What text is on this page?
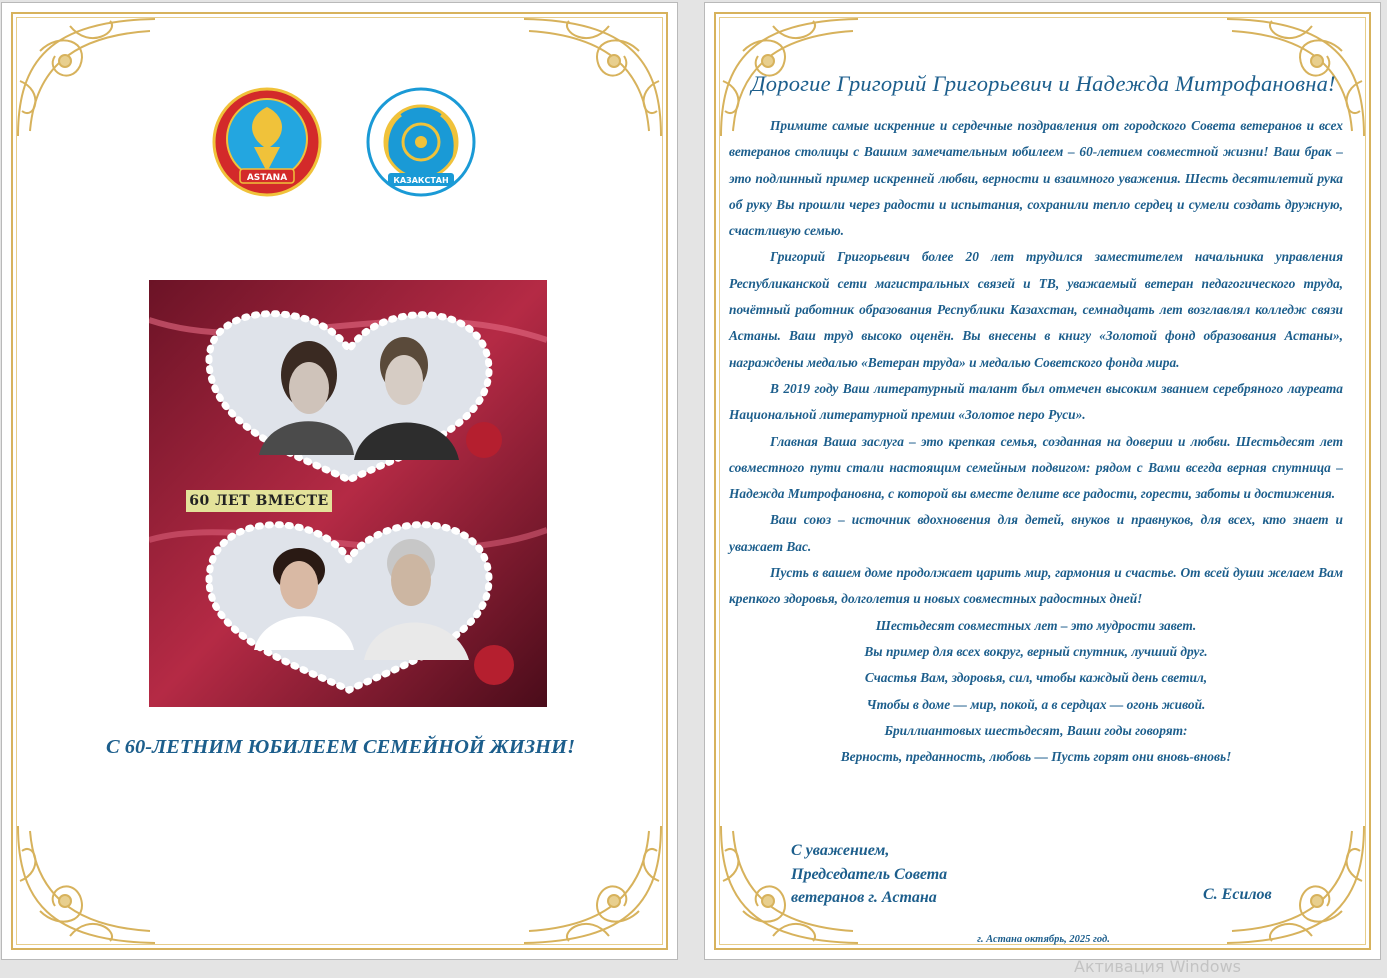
ASTANA	КАЗАКСТАН
60 ЛЕТ ВМЕСТЕ
С 60-ЛЕТНИМ ЮБИЛЕЕМ СЕМЕЙНОЙ ЖИЗНИ!
Дорогие Григорий Григорьевич и Надежда Митрофановна!

Примите самые искренние и сердечные поздравления от городского Совета ветеранов и всех ветеранов столицы с Вашим замечательным юбилеем – 60-летием совместной жизни! Ваш брак – это подлинный пример искренней любви, верности и взаимного уважения. Шесть десятилетий рука об руку Вы прошли через радости и испытания, сохранили тепло сердец и сумели создать дружную, счастливую семью.

Григорий Григорьевич более 20 лет трудился заместителем начальника управления Республиканской сети магистральных связей и ТВ, уважаемый ветеран педагогического труда, почётный работник образования Республики Казахстан, семнадцать лет возглавлял колледж связи Астаны. Ваш труд высоко оценён. Вы внесены в книгу «Золотой фонд образования Астаны», награждены медалью «Ветеран труда» и медалью Советского фонда мира.

В 2019 году Ваш литературный талант был отмечен высоким званием серебряного лауреата Национальной литературной премии «Золотое перо Руси».

Главная Ваша заслуга – это крепкая семья, созданная на доверии и любви. Шестьдесят лет совместного пути стали настоящим семейным подвигом: рядом с Вами всегда верная спутница – Надежда Митрофановна, с которой вы вместе делите все радости, горести, заботы и достижения.

Ваш союз – источник вдохновения для детей, внуков и правнуков, для всех, кто знает и уважает Вас.

Пусть в вашем доме продолжает царить мир, гармония и счастье. От всей души желаем Вам крепкого здоровья, долголетия и новых совместных радостных дней!

Шестьдесят совместных лет – это мудрости завет.

Вы пример для всех вокруг, верный спутник, лучший друг.

Счастья Вам, здоровья, сил, чтобы каждый день светил,

Чтобы в доме — мир, покой, а в сердцах — огонь живой.

Бриллиантовых шестьдесят, Ваши годы говорят:

Верность, преданность, любовь — Пусть горят они вновь-вновь!

С уважением,
Председатель Совета
ветеранов г. Астана	С. Есилов
г. Астана октябрь, 2025 год.
Активация Windows
